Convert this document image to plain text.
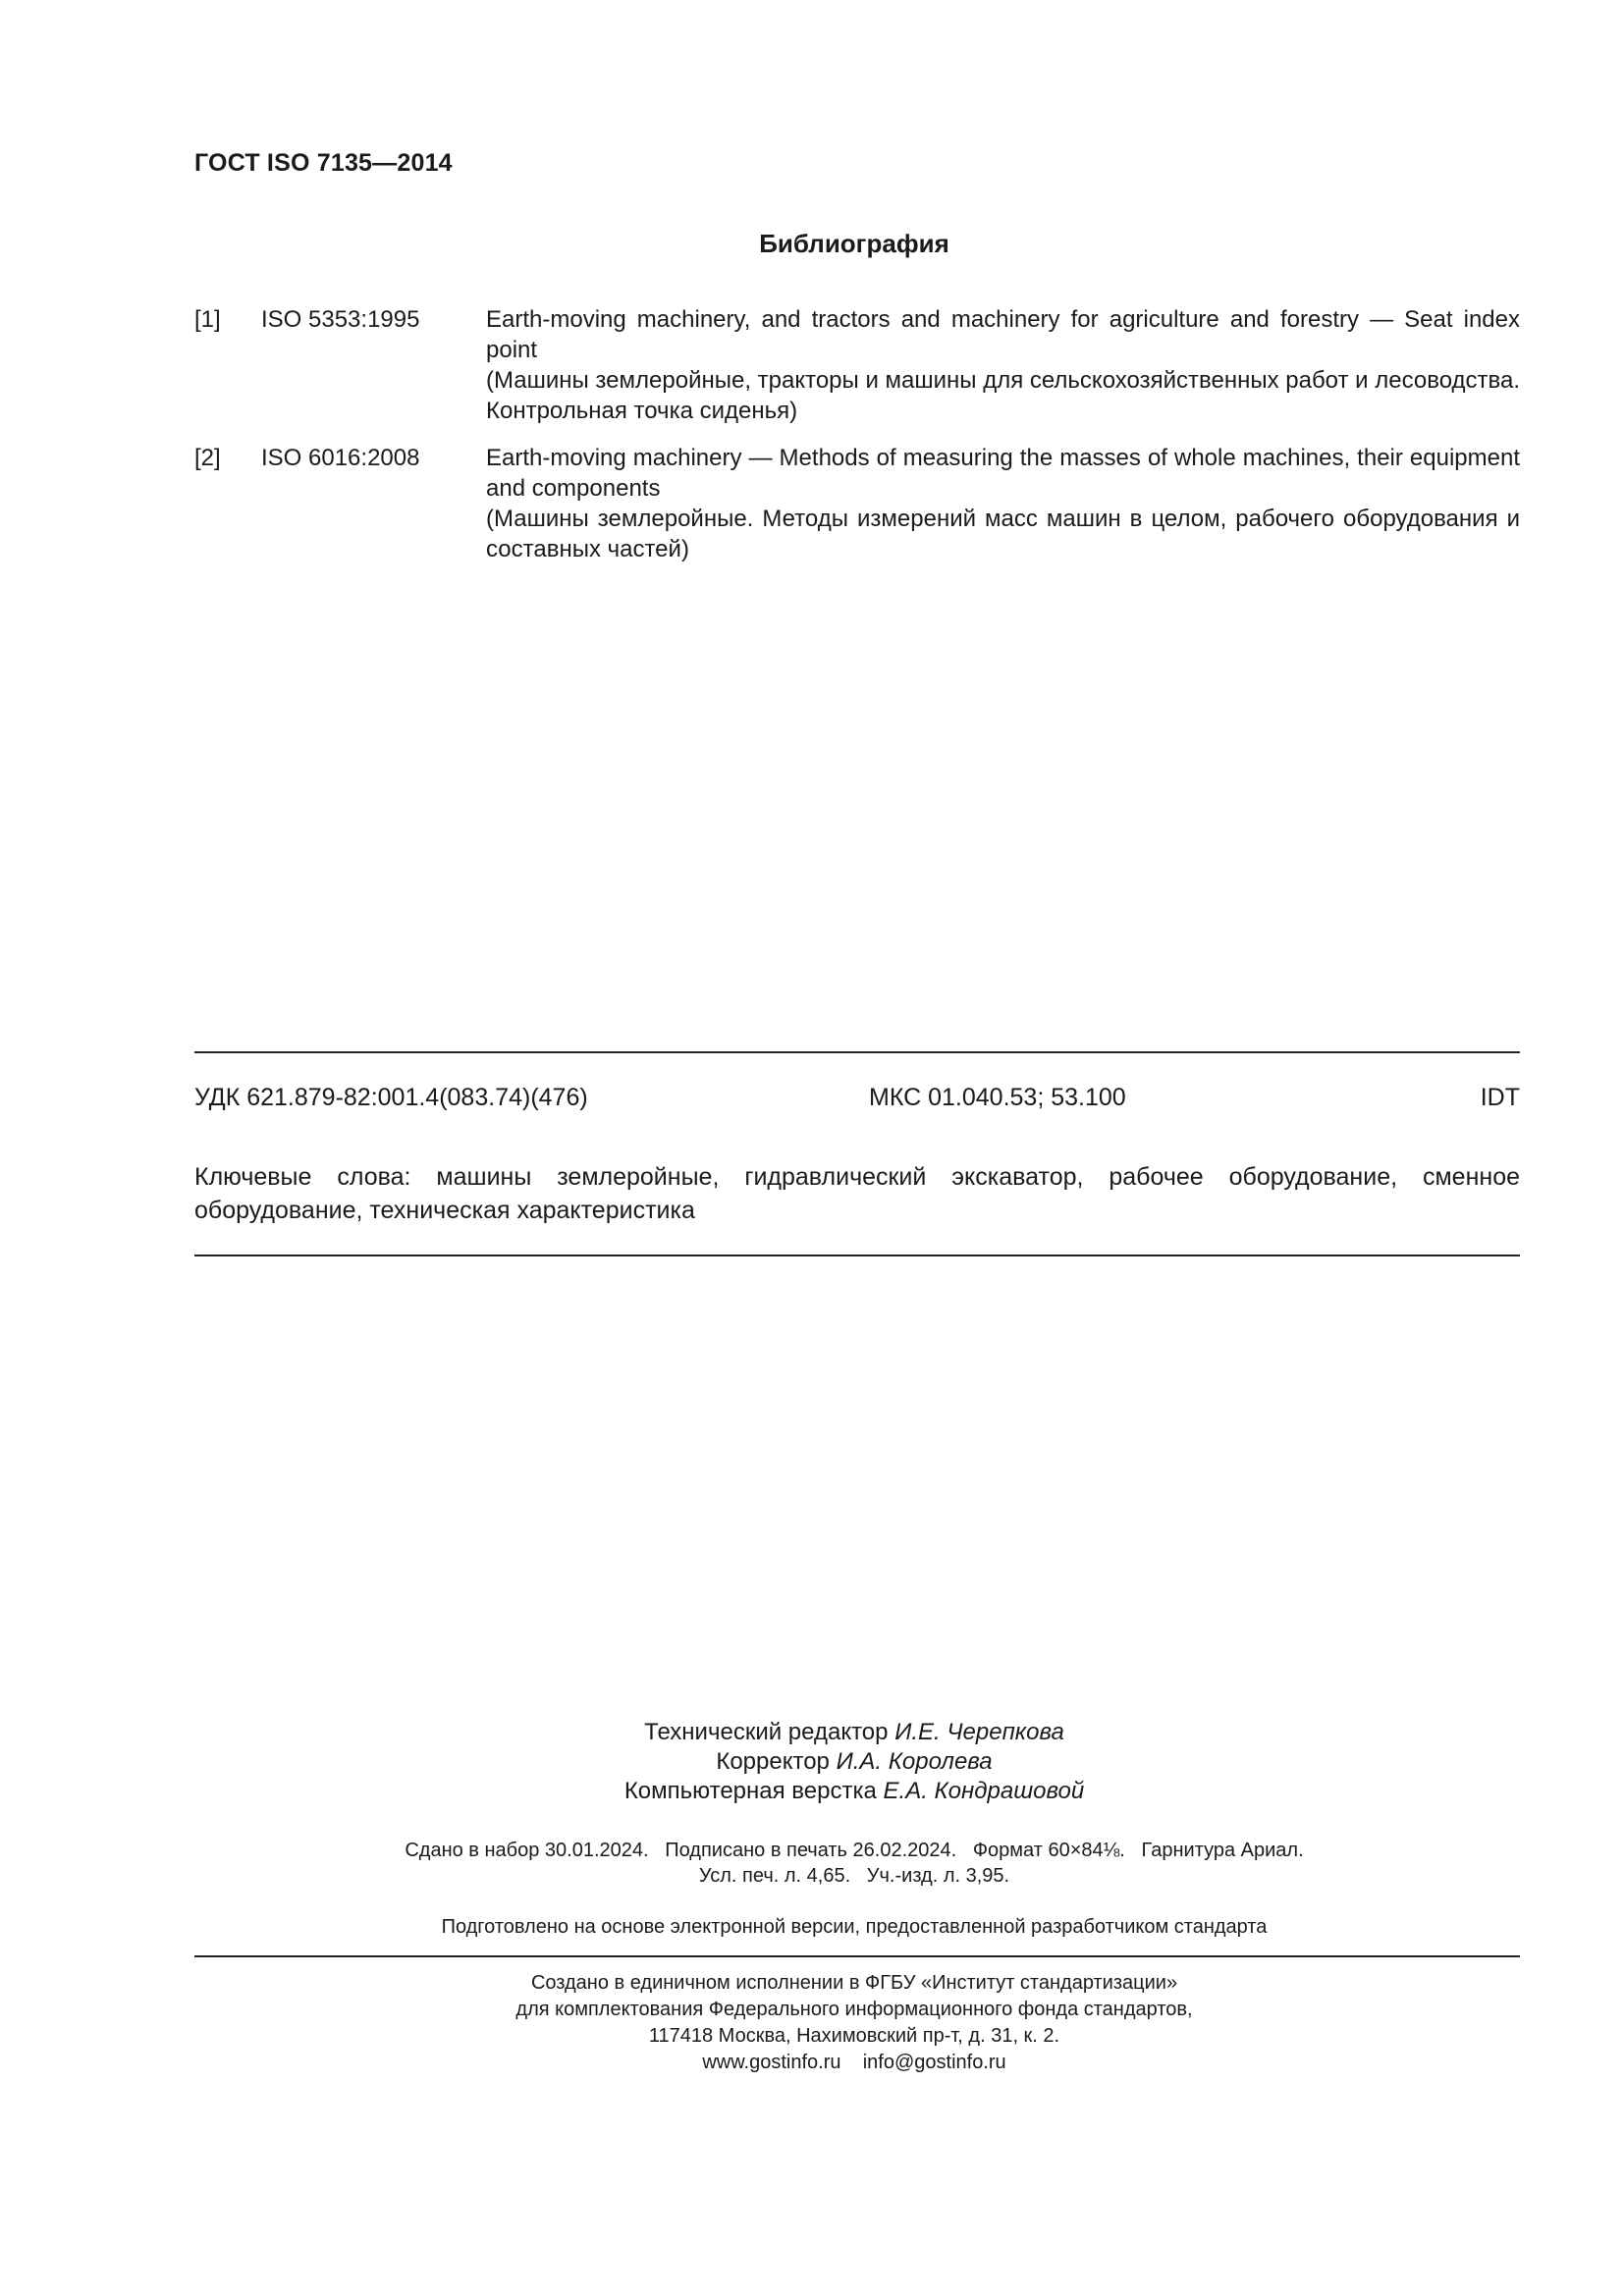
ГОСТ ISO 7135—2014
Библиография
[1] ISO 5353:1995	Earth-moving machinery, and tractors and machinery for agriculture and forestry — Seat index point
(Машины землеройные, тракторы и машины для сельскохозяйственных работ и лесоводства. Контрольная точка сиденья)
[2] ISO 6016:2008	Earth-moving machinery — Methods of measuring the masses of whole machines, their equipment and components
(Машины землеройные. Методы измерений масс машин в целом, рабочего оборудования и составных частей)
УДК 621.879-82:001.4(083.74)(476)	МКС 01.040.53; 53.100	IDT
Ключевые слова: машины землеройные, гидравлический экскаватор, рабочее оборудование, сменное оборудование, техническая характеристика
Технический редактор И.Е. Черепкова
Корректор И.А. Королева
Компьютерная верстка Е.А. Кондрашовой
Сдано в набор 30.01.2024.   Подписано в печать 26.02.2024.   Формат 60×84⅛.   Гарнитура Ариал.
Усл. печ. л. 4,65.   Уч.-изд. л. 3,95.
Подготовлено на основе электронной версии, предоставленной разработчиком стандарта
Создано в единичном исполнении в ФГБУ «Институт стандартизации»
для комплектования Федерального информационного фонда стандартов,
117418 Москва, Нахимовский пр-т, д. 31, к. 2.
www.gostinfo.ru    info@gostinfo.ru
